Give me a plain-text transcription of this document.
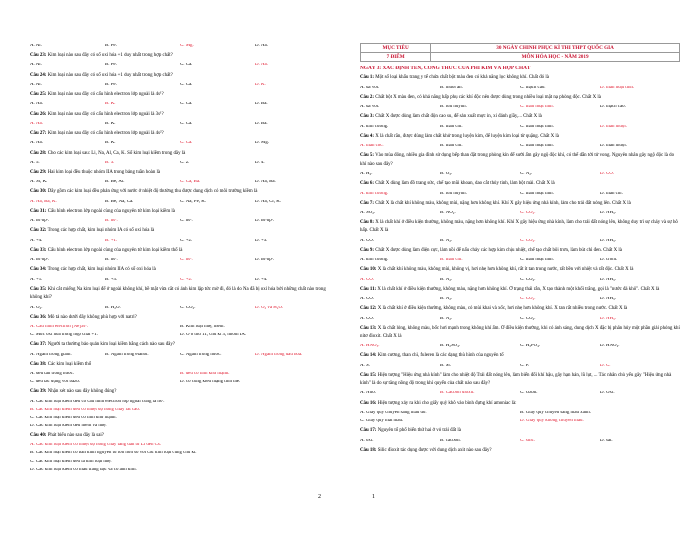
A. Al.	B. Fe.	C. Mg.	D. Na.
Câu 23: Kim loại nào sau đây có số oxi hóa +1 duy nhất trong hợp chất?
A. Al.	B. Fe.	C. Ca.	D. Na.
Câu 24: Kim loại nào sau đây có số oxi hóa +1 duy nhất trong hợp chất?
A. Al.	B. Fe.	C. Ca.	D. K.
Câu 25: Kim loại nào sau đây có cấu hình electron lớp ngoài là 4s¹?
A. Na.	B. K.	C. Ca.	D. Ba.
Câu 26: Kim loại nào sau đây có cấu hình electron lớp ngoài là 3s¹?
A. Na.	B. K.	C. Ca.	D. Ba.
Câu 27: Kim loại nào sau đây có cấu hình electron lớp ngoài là 4s²?
A. Na.	B. K.	C. Ca.	D. Mg.
Câu 28: Cho các kim loại sau: Li, Na, Al, Ca, K. Số kim loại kiềm trong dãy là
A. 5.	B. 3.	C. 2.	D. 4.
Câu 29: Hai kim loại đều thuộc nhóm IIA trong bảng tuần hoàn là
A. Sr, K.	B. Be, Al.	C. Ca, Ba.	D. Na, Ba.
Câu 30: Dãy gồm các kim loại đều phản ứng với nước ở nhiệt độ thường thu được dung dịch có môi trường kiềm là
A. Na, Ba, K.	B. Be, Na, Ca.	C. Na, Fe, K.	D. Na, Cr, K.
Câu 31: Cấu hình electron lớp ngoài cùng của nguyên tử kim loại kiềm là
A. ns¹np¹.	B. ns¹.	C. ns².	D. ns²np¹.
Câu 32: Trong các hợp chất, kim loại nhóm IA có số oxi hóa là
A. +4.	B. +1.	C. +2.	D. +3.
Câu 33: Cấu hình electron lớp ngoài cùng của nguyên tử kim loại kiềm thổ là
A. ns¹np¹.	B. ns¹.	C. ns².	D. ns²np¹.
Câu 34: Trong các hợp chất, kim loại nhóm IIA có số oxi hóa là
A. +1.	B. +3.	C. +2.	D. +4.
Câu 35: Khi cắt miếng Na kim loại để ở ngoài không khí, bề mặt vừa cắt có ánh kim lập tức mờ đi, đó là do Na đã bị oxi hóa bởi những chất nào trong không khí?
A. O₂.	B. H₂O.	C. CO₂.	D. O₂ và H₂O.
Câu 36: Mô tả nào dưới đây không phù hợp với natri?
A. Cấu hình electron [Ne]3s¹.	B. Kim loại nhẹ, mềm.
C. Mức oxi hóa trong hợp chất +1.	D. Ở ô thứ 11, chu kì 3, nhóm IA.
Câu 37: Người ta thường bảo quản kim loại kiềm bằng cách nào sau đây?
A. Ngâm trong giấm.	B. Ngâm trong etanol.	C. Ngâm trong nước.	D. Ngâm trong dầu hỏa.
Câu 38: Các kim loại kiềm thổ
A. đều tan trong nước.	B. đều có tính khử mạnh.
C. đều tác dụng với bazơ.	D. có cùng kiểu mạng tinh thể.
Câu 39: Nhận xét nào sau đây không đúng?
A. Các kim loại kiềm đều có cấu hình electron lớp ngoài cùng là ns¹.
B. Các kim loại kiềm đều có nhiệt độ nóng chảy rất cao.
C. Các kim loại kiềm đều có tính khử mạnh.
D. Các kim loại kiềm đều mềm và nhẹ.
Câu 40: Phát biểu nào sau đây là sai?
A. Các kim loại kiềm có nhiệt độ nóng chảy tăng dần từ Li đến Cs.
B. Các kim loại kiềm có bán kính nguyên tử lớn hơn so với các kim loại cùng chu kì.
C. Các kim loại kiềm đều là kim loại nhẹ.
D. Các kim loại kiềm có màu trắng bạc và có ánh kim.
2
MỤC TIÊU	30 NGÀY CHINH PHỤC KÌ THI THPT QUỐC GIA
7 ĐIỂM	MÔN HÓA HỌC - NĂM 2019
NGÀY 3: XÁC ĐỊNH TÊN, CÔNG THỨC CỦA PHI KIM VÀ HỢP CHẤT
Câu 1: Một số loại khẩu trang y tế chứa chất bột màu đen có khả năng lọc không khí. Chất đó là
A. đá vôi.	B. muối ăn.	C. thạch cao.	D. than hoạt tính.
Câu 2: Chất bột X màu đen, có khả năng hấp phụ các khí độc nên được dùng trong nhiều loại mặt nạ phòng độc. Chất X là
A. đá vôi.	B. lưu huỳnh.	C. than hoạt tính.	D. thạch cao.
Câu 3: Chất X được dùng làm chất độn cao su, để sản xuất mực in, xi đánh giầy,... Chất X là
A. kim cương.	B. than chì.	C. than hoạt tính.	D. than muội.
Câu 4: X là chất rắn, được dùng làm chất khử trong luyện kim, để luyện kim loại từ quặng. Chất X là
A. than cốc.	B. than chì.	C. than hoạt tính.	D. than muội.
Câu 5: Vào mùa đông, nhiều gia đình sử dụng bếp than đặt trong phòng kín để sưởi ấm gây ngộ độc khí, có thể dẫn tới tử vong. Nguyên nhân gây ngộ độc là do khí nào sau đây?
A. H₂.	B. O₃.	C. N₂.	D. CO.
Câu 6: Chất X dùng làm đồ trang sức, chế tạo mũi khoan, dao cắt thủy tinh, làm bột mài. Chất X là
A. kim cương.	B. lưu huỳnh.	C. than hoạt tính.	D. than chì.
Câu 7: Chất X là chất khí không màu, không mùi, nặng hơn không khí. Khí X gây hiệu ứng nhà kính, làm cho trái đất nóng lên. Chất X là
A. SO₂.	B. NO₂.	C. CO₂.	D. NH₃.
Câu 8: X là chất khí ở điều kiện thường, không màu, nặng hơn không khí. Khí X gây hiệu ứng nhà kính, làm cho trái đất nóng lên, không duy trì sự cháy và sự hô hấp. Chất X là
A. CO.	B. N₂.	C. CO₂.	D. NH₃.
Câu 9: Chất X được dùng làm điện cực, làm nồi để nấu chảy các hợp kim chịu nhiệt, chế tạo chất bôi trơn, làm bút chì đen. Chất X là
A. kim cương.	B. than chì.	C. than hoạt tính.	D. crom.
Câu 10: X là chất khí không màu, không mùi, không vị, hơi nhẹ hơn không khí, rất ít tan trong nước, rất bền với nhiệt và rất độc. Chất X là
A. CO.	B. N₂.	C. CO₂.	D. NH₃.
Câu 11: X là chất khí ở điều kiện thường, không màu, nặng hơn không khí. Ở trạng thái rắn, X tạo thành một khối trắng, gọi là "nước đá khô". Chất X là
A. CO.	B. N₂.	C. CO₂.	D. NH₃.
Câu 12: X là chất khí ở điều kiện thường, không màu, có mùi khai và xốc, hơi nhẹ hơn không khí. X tan rất nhiều trong nước. Chất X là
A. CO.	B. N₂.	C. CO₂.	D. NH₃.
Câu 13: X là chất lỏng, không màu, bốc hơi mạnh trong không khí ẩm. Ở điều kiện thường, khi có ánh sáng, dung dịch X đặc bị phân hủy một phần giải phóng khí nitơ đioxit. Chất X là
A. HNO₃.	B. H₂SO₄.	C. H₃PO₄.	D. HNO₂.
Câu 14: Kim cương, than chì, fuleren là các dạng thù hình của nguyên tố
A. S.	B. Si.	C. P.	D. C.
Câu 15: Hiện tượng "Hiệu ứng nhà kính" làm cho nhiệt độ Trái đất nóng lên, làm biến đổi khí hậu, gây hạn hán, lũ lụt, ... Tác nhân chủ yếu gây "Hiệu ứng nhà kính" là do sự tăng nồng độ trong khí quyển của chất nào sau đây?
A. Nitơ.	B. Cacbon đioxit.	C. Ozon.	D. Oxi.
Câu 16: Hiện tượng xảy ra khi cho giấy quỳ khô vào bình đựng khí amoniac là:
A. Giấy quỳ chuyển sang màu đỏ.	B. Giấy quỳ chuyển sang màu xanh.
C. Giấy quỳ mất màu.	D. Giấy quỳ không chuyển màu.
Câu 17: Nguyên tố phổ biến thứ hai ở vỏ trái đất là
A. oxi.	B. cacbon.	C. silic.	D. sắt.
Câu 18: Silic đioxit tác dụng được với dung dịch axit nào sau đây?
1
